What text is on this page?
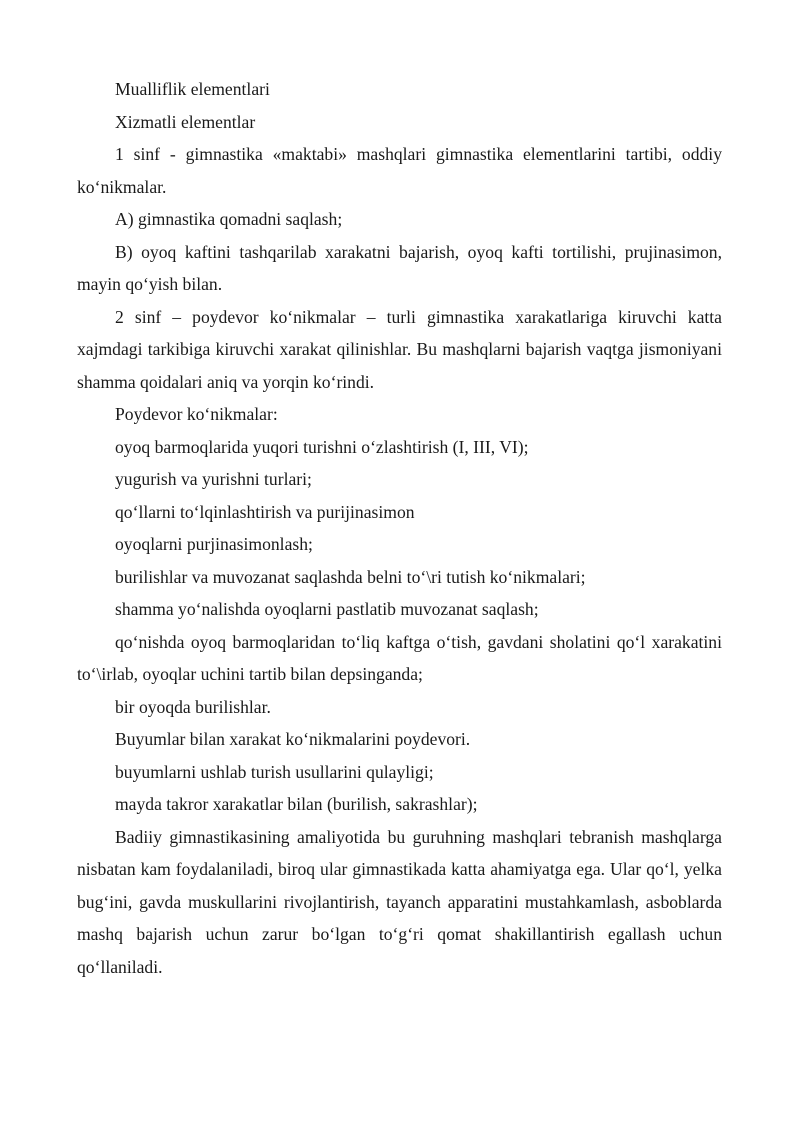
Mualliflik elementlari

Xizmatli elementlar

1 sinf - gimnastika «maktabi» mashqlari gimnastika elementlarini tartibi, oddiy ko‘nikmalar.

A) gimnastika qomadni saqlash;

B) oyoq kaftini tashqarilab xarakatni bajarish, oyoq kafti tortilishi, prujinasimon, mayin qo‘yish bilan.

2 sinf – poydevor ko‘nikmalar – turli gimnastika xarakatlariga kiruvchi katta xajmdagi tarkibiga kiruvchi xarakat qilinishlar. Bu mashqlarni bajarish vaqtga jismoniyani shamma qoidalari aniq va yorqin ko‘rindi.

Poydevor ko‘nikmalar:

oyoq barmoqlarida yuqori turishni o‘zlashtirish (I, III, VI);

yugurish va yurishni turlari;

qo‘llarni to‘lqinlashtirish va purijinasimon

oyoqlarni purjinasimonlash;

burilishlar va muvozanat saqlashda belni to‘\ri tutish ko‘nikmalari;

shamma yo‘nalishda oyoqlarni pastlatib muvozanat saqlash;

qo‘nishda oyoq barmoqlaridan to‘liq kaftga o‘tish, gavdani sholatini qo‘l xarakatini to‘\irlab, oyoqlar uchini tartib bilan depsinganda;

bir oyoqda burilishlar.

Buyumlar bilan xarakat ko‘nikmalarini poydevori.

buyumlarni ushlab turish usullarini qulayligi;

mayda takror xarakatlar bilan (burilish, sakrashlar);

Badiiy gimnastikasining amaliyotida bu guruhning mashqlari tebranish mashqlarga nisbatan kam foydalaniladi, biroq ular gimnastikada katta ahamiyatga ega. Ular qo‘l, yelka bug‘ini, gavda muskullarini rivojlantirish, tayanch apparatini mustahkamlash, asboblarda mashq bajarish uchun zarur bo‘lgan to‘g‘ri qomat shakillantirish egallash uchun qo‘llaniladi.
